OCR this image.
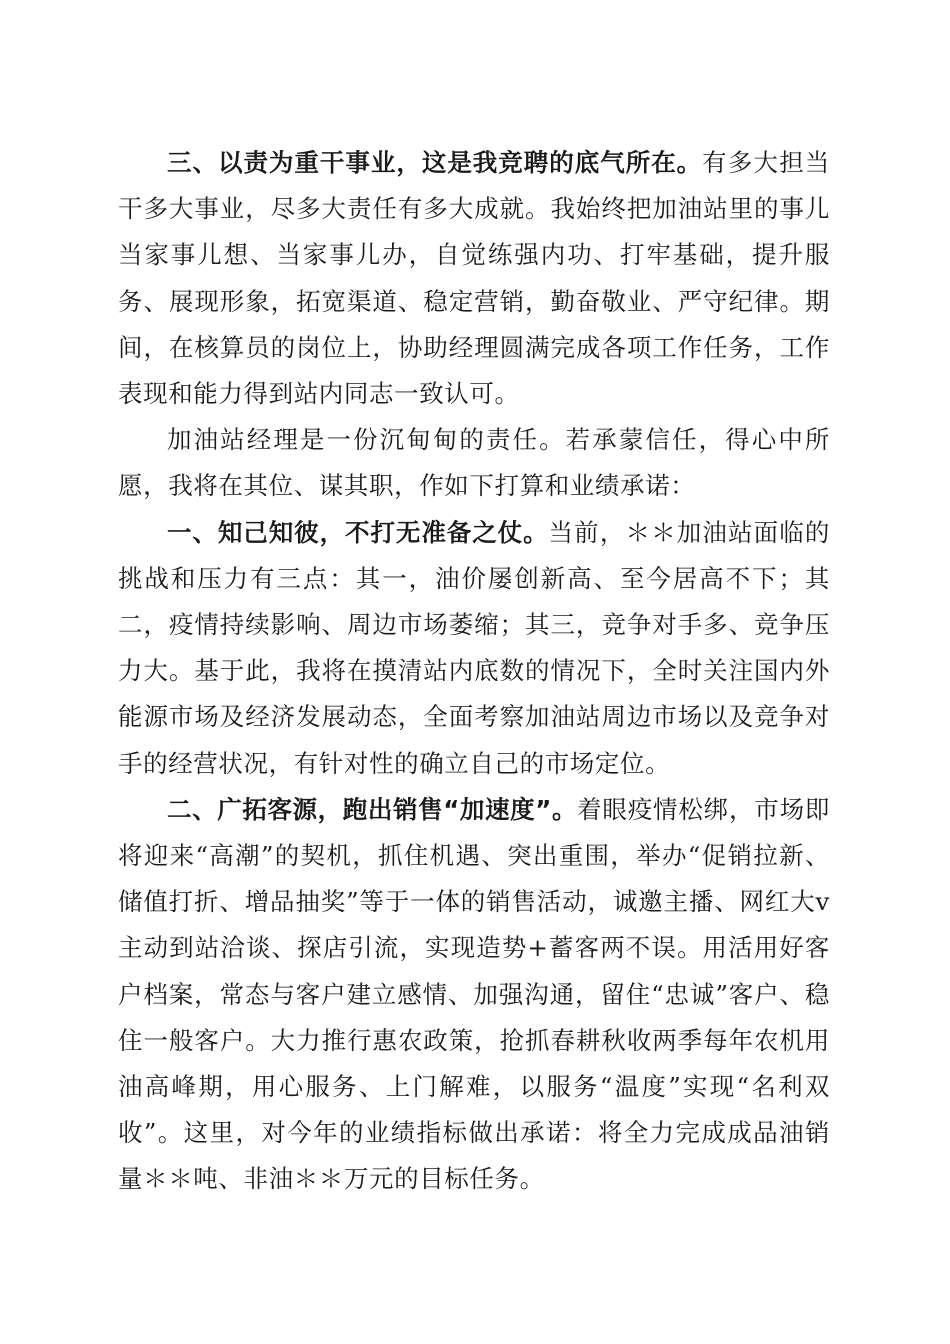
三、以责为重干事业，这是我竞聘的底气所在。有多大担当干多大事业，尽多大责任有多大成就。我始终把加油站里的事儿当家事儿想、当家事儿办，自觉练强内功、打牢基础，提升服务、展现形象，拓宽渠道、稳定营销，勤奋敬业、严守纪律。期间，在核算员的岗位上，协助经理圆满完成各项工作任务，工作表现和能力得到站内同志一致认可。

加油站经理是一份沉甸甸的责任。若承蒙信任，得心中所愿，我将在其位、谋其职，作如下打算和业绩承诺：

一、知己知彼，不打无准备之仗。当前，＊＊加油站面临的挑战和压力有三点：其一，油价屡创新高、至今居高不下；其二，疫情持续影响、周边市场萎缩；其三，竞争对手多、竞争压力大。基于此，我将在摸清站内底数的情况下，全时关注国内外能源市场及经济发展动态，全面考察加油站周边市场以及竞争对手的经营状况，有针对性的确立自己的市场定位。

二、广拓客源，跑出销售“加速度”。着眼疫情松绑，市场即将迎来“高潮”的契机，抓住机遇、突出重围，举办“促销拉新、储值打折、增品抽奖”等于一体的销售活动，诚邀主播、网红大v主动到站洽谈、探店引流，实现造势+蓄客两不误。用活用好客户档案，常态与客户建立感情、加强沟通，留住“忠诚”客户、稳住一般客户。大力推行惠农政策，抢抓春耕秋收两季每年农机用油高峰期，用心服务、上门解难，以服务“温度”实现“名利双收”。这里，对今年的业绩指标做出承诺：将全力完成成品油销量＊＊吨、非油＊＊万元的目标任务。
